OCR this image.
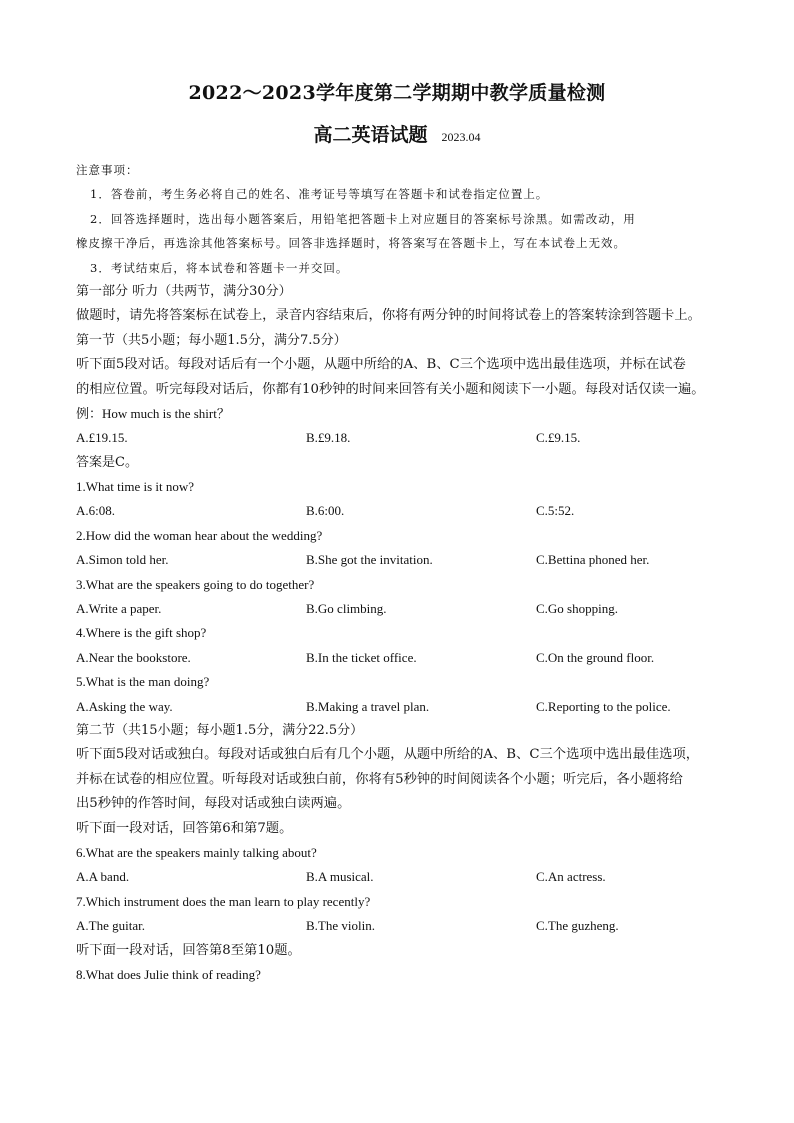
2022～2023学年度第二学期期中教学质量检测
高二英语试题 2023.04
注意事项：
1．答卷前，考生务必将自己的姓名、准考证号等填写在答题卡和试卷指定位置上。
2．回答选择题时，选出每小题答案后，用铅笔把答题卡上对应题目的答案标号涂黑。如需改动，用
橡皮擦干净后，再选涂其他答案标号。回答非选择题时，将答案写在答题卡上，写在本试卷上无效。
3．考试结束后，将本试卷和答题卡一并交回。
第一部分 听力（共两节，满分30分）
做题时，请先将答案标在试卷上，录音内容结束后，你将有两分钟的时间将试卷上的答案转涂到答题卡上。
第一节（共5小题；每小题1.5分，满分7.5分）
听下面5段对话。每段对话后有一个小题，从题中所给的A、B、C三个选项中选出最佳选项，并标在试卷
的相应位置。听完每段对话后，你都有10秒钟的时间来回答有关小题和阅读下一小题。每段对话仅读一遍。
例：How much is the shirt？
A.£19.15.	B.£9.18.	C.£9.15.
答案是C。
1.What time is it now?
A.6:08.	B.6:00.	C.5:52.
2.How did the woman hear about the wedding?
A.Simon told her.	B.She got the invitation.	C.Bettina phoned her.
3.What are the speakers going to do together?
A.Write a paper.	B.Go climbing.	C.Go shopping.
4.Where is the gift shop?
A.Near the bookstore.	B.In the ticket office.	C.On the ground floor.
5.What is the man doing?
A.Asking the way.	B.Making a travel plan.	C.Reporting to the police.
第二节（共15小题；每小题1.5分，满分22.5分）
听下面5段对话或独白。每段对话或独白后有几个小题，从题中所给的A、B、C三个选项中选出最佳选项，
并标在试卷的相应位置。听每段对话或独白前，你将有5秒钟的时间阅读各个小题；听完后，各小题将给
出5秒钟的作答时间，每段对话或独白读两遍。
听下面一段对话，回答第6和第7题。
6.What are the speakers mainly talking about?
A.A band.	B.A musical.	C.An actress.
7.Which instrument does the man learn to play recently?
A.The guitar.	B.The violin.	C.The guzheng.
听下面一段对话，回答第8至第10题。
8.What does Julie think of reading?
